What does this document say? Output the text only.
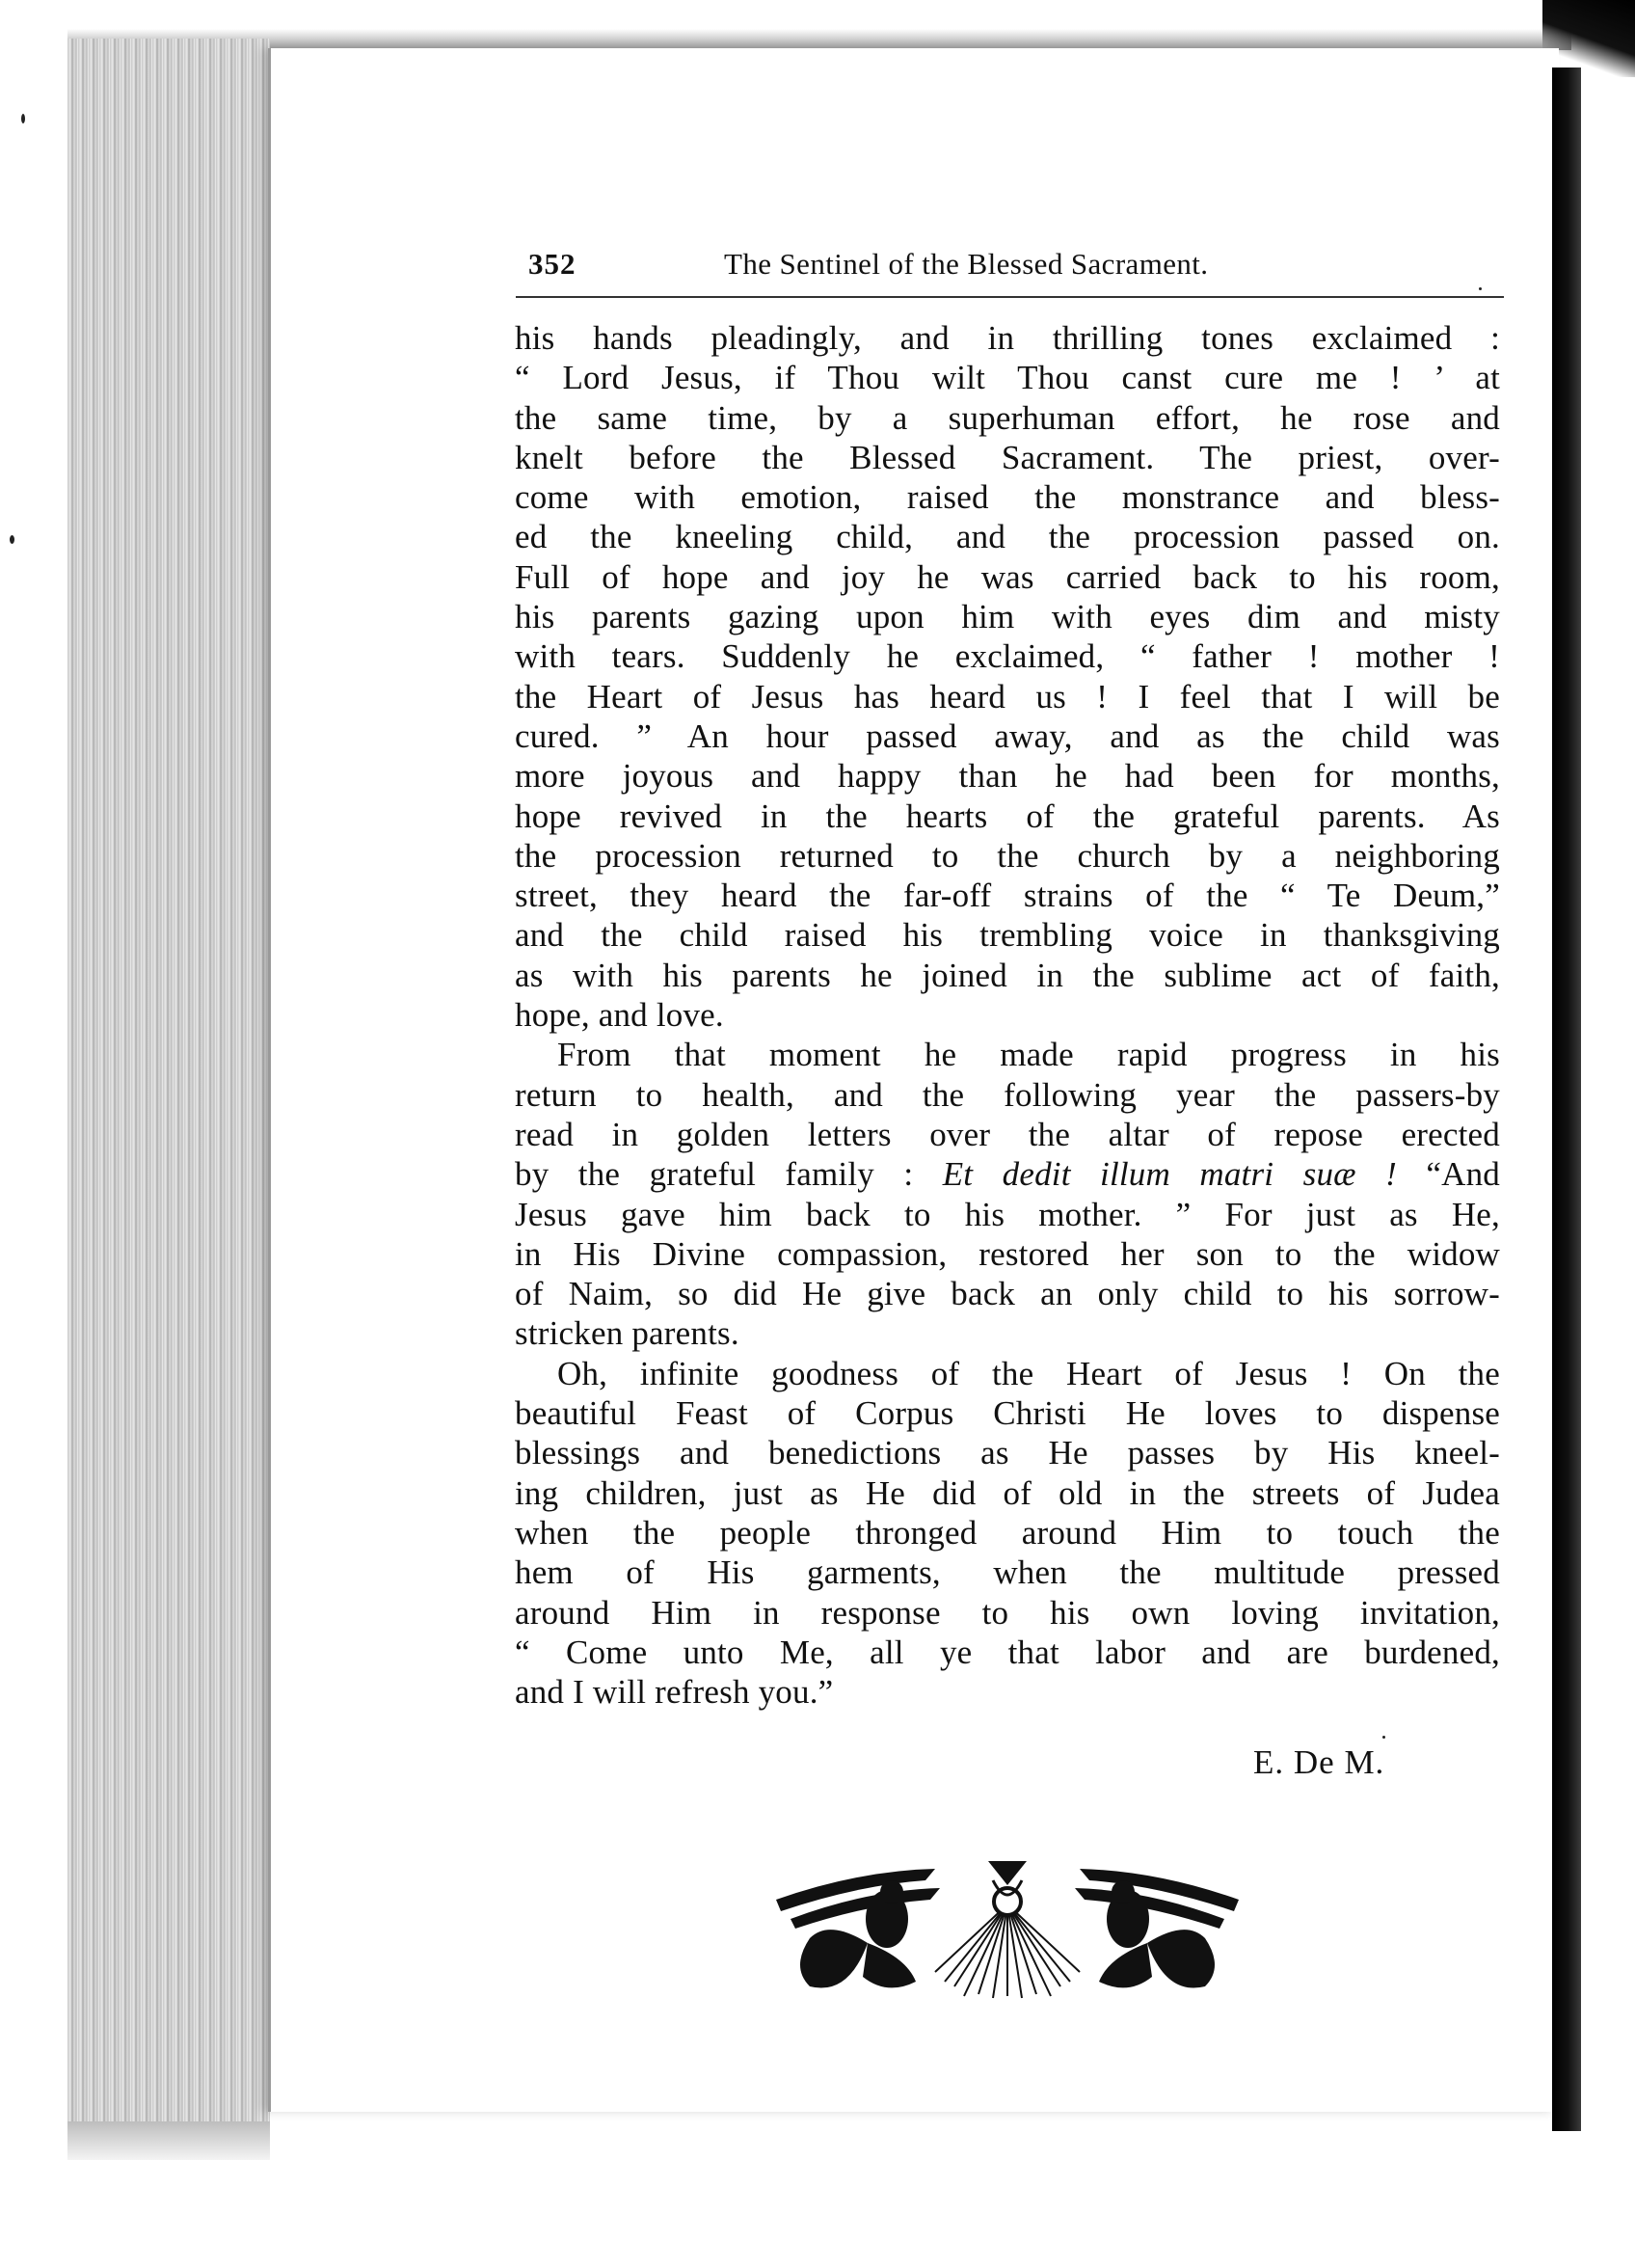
352	The Sentinel of the Blessed Sacrament.
his hands pleadingly, and in thrilling tones exclaimed :
“ Lord Jesus, if Thou wilt Thou canst cure me ! ’ at
the same time, by a superhuman effort, he rose and
knelt before the Blessed Sacrament. The priest, over-
come with emotion, raised the monstrance and bless-
ed the kneeling child, and the procession passed on.
Full of hope and joy he was carried back to his room,
his parents gazing upon him with eyes dim and misty
with tears. Suddenly he exclaimed, “ father ! mother !
the Heart of Jesus has heard us ! I feel that I will be
cured. ” An hour passed away, and as the child was
more joyous and happy than he had been for months,
hope revived in the hearts of the grateful parents. As
the procession returned to the church by a neighboring
street, they heard the far-off strains of the “ Te Deum,”
and the child raised his trembling voice in thanksgiving
as with his parents he joined in the sublime act of faith,
hope, and love.
From that moment he made rapid progress in his
return to health, and the following year the passers-by
read in golden letters over the altar of repose erected
by the grateful family : Et dedit illum matri suæ ! “And
Jesus gave him back to his mother. ” For just as He,
in His Divine compassion, restored her son to the widow
of Naim, so did He give back an only child to his sorrow-
stricken parents.
Oh, infinite goodness of the Heart of Jesus ! On the
beautiful Feast of Corpus Christi He loves to dispense
blessings and benedictions as He passes by His kneel-
ing children, just as He did of old in the streets of Judea
when the people thronged around Him to touch the
hem of His garments, when the multitude pressed
around Him in response to his own loving invitation,
“ Come unto Me, all ye that labor and are burdened,
and I will refresh you.”
E. De M.
